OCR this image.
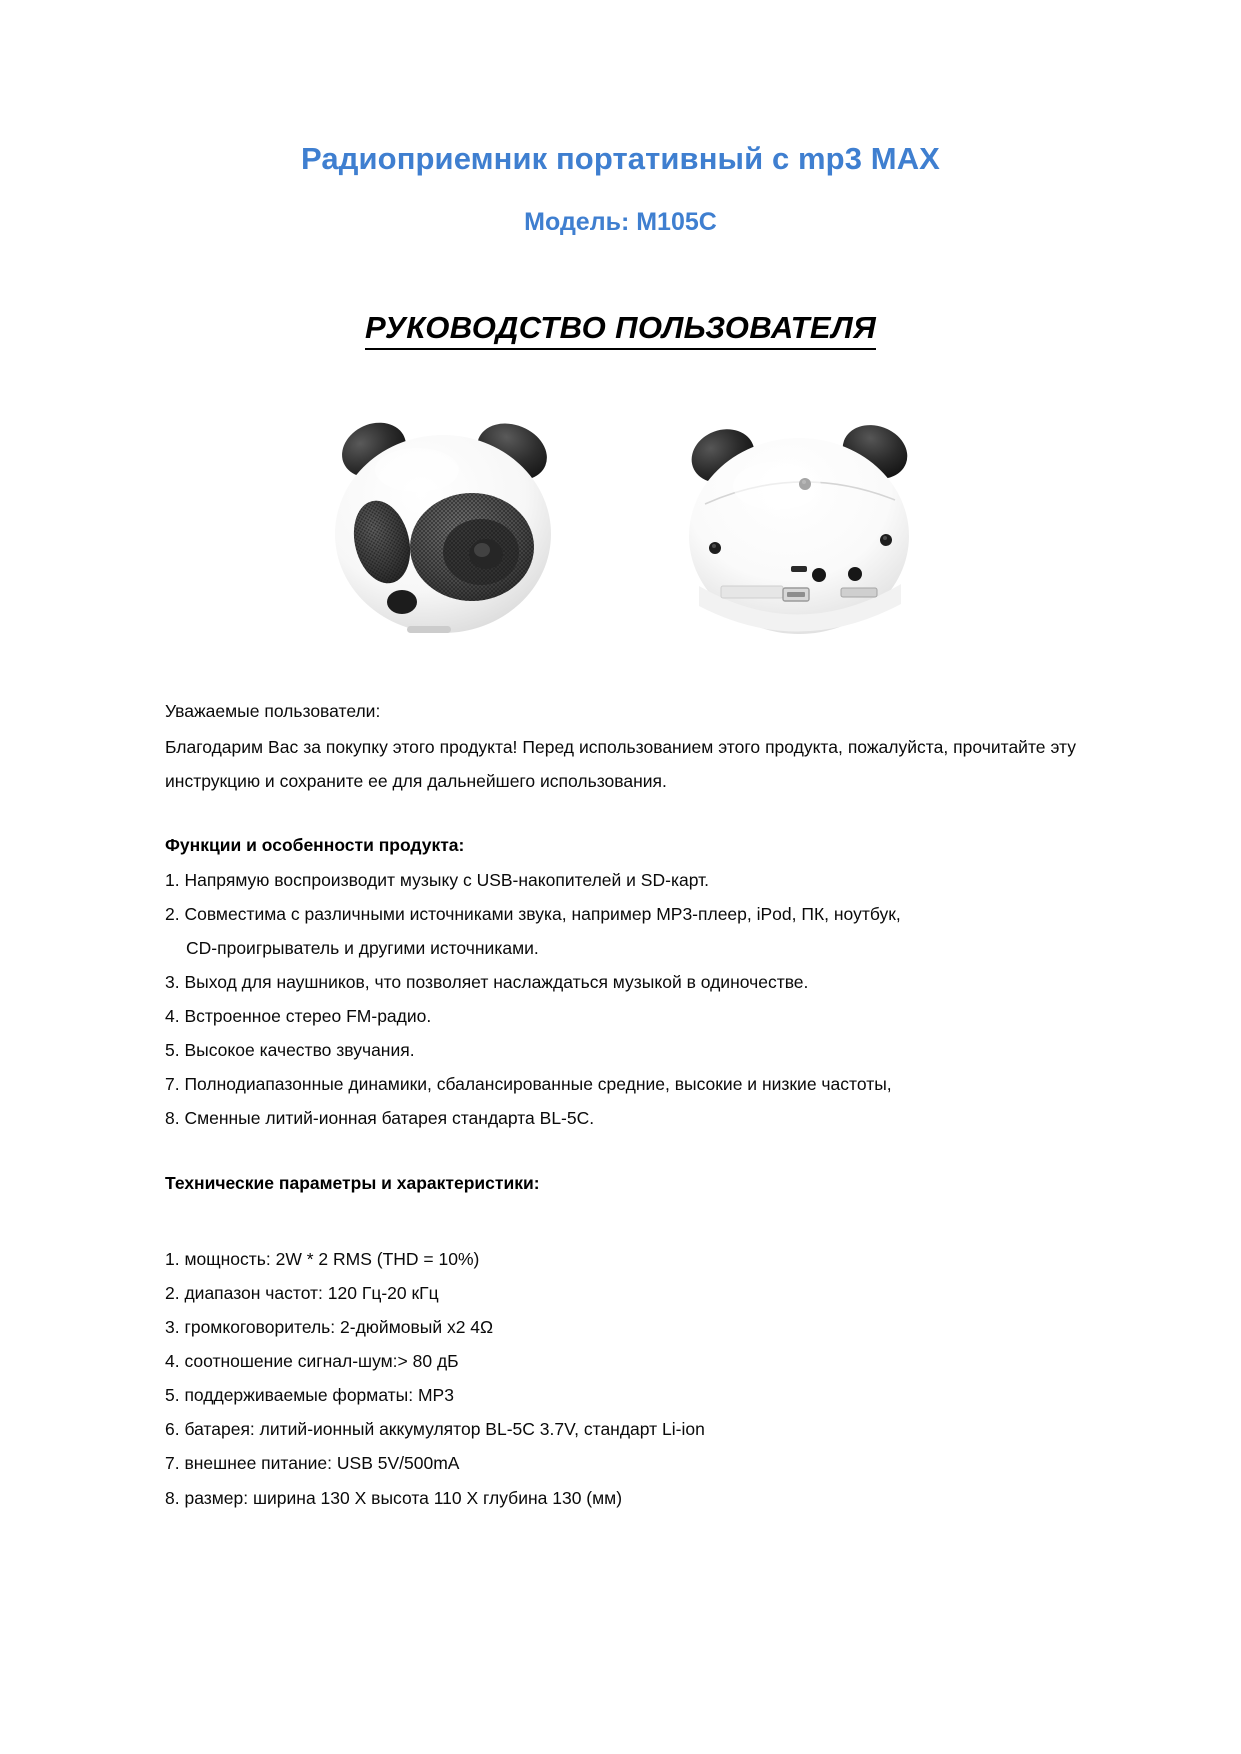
Радиоприемник портативный с mp3 MAX
Модель: M105C
РУКОВОДСТВО ПОЛЬЗОВАТЕЛЯ

Уважаемые пользователи:

Благодарим Вас за покупку этого продукта! Перед использованием этого продукта, пожалуйста, прочитайте эту инструкцию и сохраните ее для дальнейшего использования.

Функции и особенности продукта:
1. Напрямую воспроизводит музыку с USB-накопителей и SD-карт.
2. Совместима с различными источниками звука, например MP3-плеер, iPod, ПК, ноутбук,
CD-проигрыватель и другими источниками.
3. Выход для наушников, что позволяет наслаждаться музыкой в одиночестве.
4. Встроенное стерео FM-радио.
5. Высокое качество звучания.
7. Полнодиапазонные динамики, сбалансированные средние, высокие и низкие частоты,
8. Сменные литий-ионная батарея стандарта BL-5C.
Технические параметры и характеристики:
1. мощность: 2W * 2 RMS (THD = 10%)
2. диапазон частот: 120 Гц-20 кГц
3. громкоговоритель: 2-дюймовый х2 4Ω
4. соотношение сигнал-шум:> 80 дБ
5. поддерживаемые форматы: MP3
6. батарея: литий-ионный аккумулятор BL-5C 3.7V, стандарт Li-ion
7. внешнее питание: USB 5V/500mA
8. размер: ширина 130 X высота 110 X глубина 130 (мм)
